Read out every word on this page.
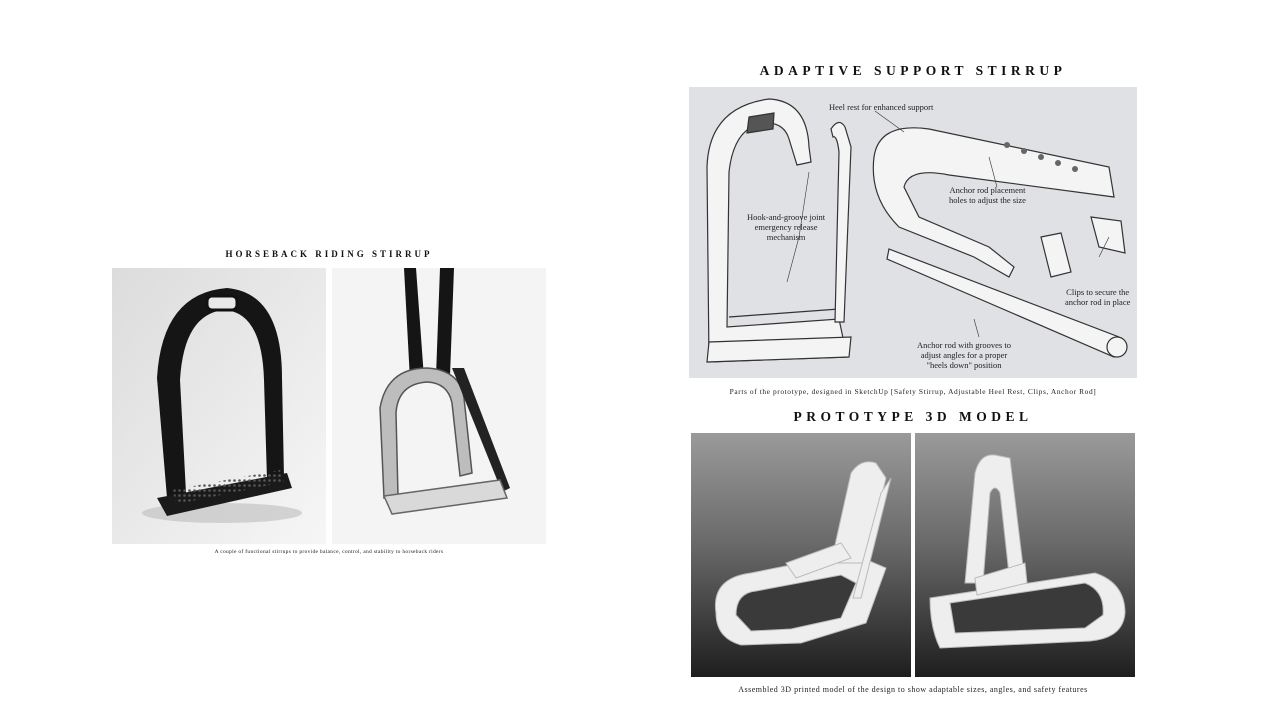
HORSEBACK RIDING STIRRUP
A couple of functional stirrups to provide balance, control, and stability to horseback riders
ADAPTIVE SUPPORT STIRRUP
Heel rest for enhanced support
Anchor rod placement
holes to adjust the size
Hook-and-groove joint
emergency release
mechanism
Clips to secure the
anchor rod in place
Anchor rod with grooves to
adjust angles for a proper
"heels down" position
Parts of the prototype, designed in SketchUp [Safety Stirrup, Adjustable Heel Rest, Clips, Anchor Rod]
PROTOTYPE 3D MODEL
Assembled 3D printed model of the design to show adaptable sizes, angles, and safety features
